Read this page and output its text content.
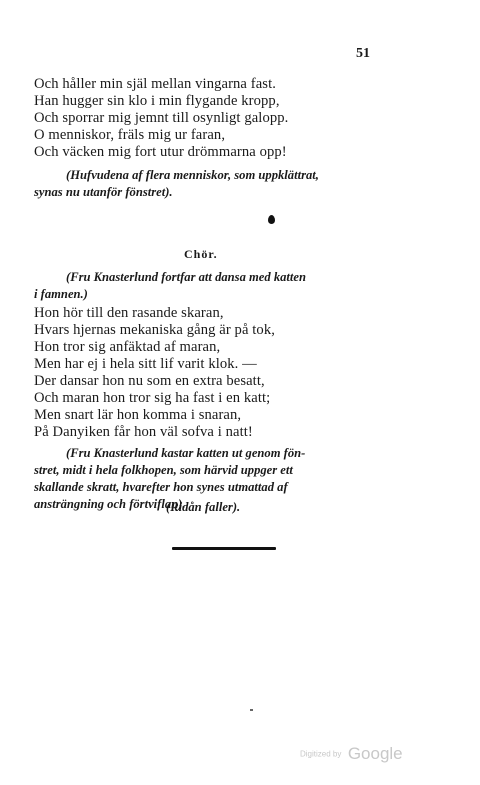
51
Och håller min själ mellan vingarna fast.
Han hugger sin klo i min flygande kropp,
Och sporrar mig jemnt till osynligt galopp.
O menniskor, fräls mig ur faran,
Och väcken mig fort utur drömmarna opp!
(Hufvudena af flera menniskor, som uppklättrat,
synas nu utanför fönstret).
Chör.
(Fru Knasterlund fortfar att dansa med katten
i famnen.)
Hon hör till den rasande skaran,
Hvars hjernas mekaniska gång är på tok,
Hon tror sig anfäktad af maran,
Men har ej i hela sitt lif varit klok. —
Der dansar hon nu som en extra besatt,
Och maran hon tror sig ha fast i en katt;
Men snart lär hon komma i snaran,
På Danyiken får hon väl sofva i natt!
(Fru Knasterlund kastar katten ut genom fön-
stret, midt i hela folkhopen, som härvid uppger ett
skallande skratt, hvarefter hon synes utmattad af
ansträngning och förtviflan).
(Ridån faller).
Digitized by Google
